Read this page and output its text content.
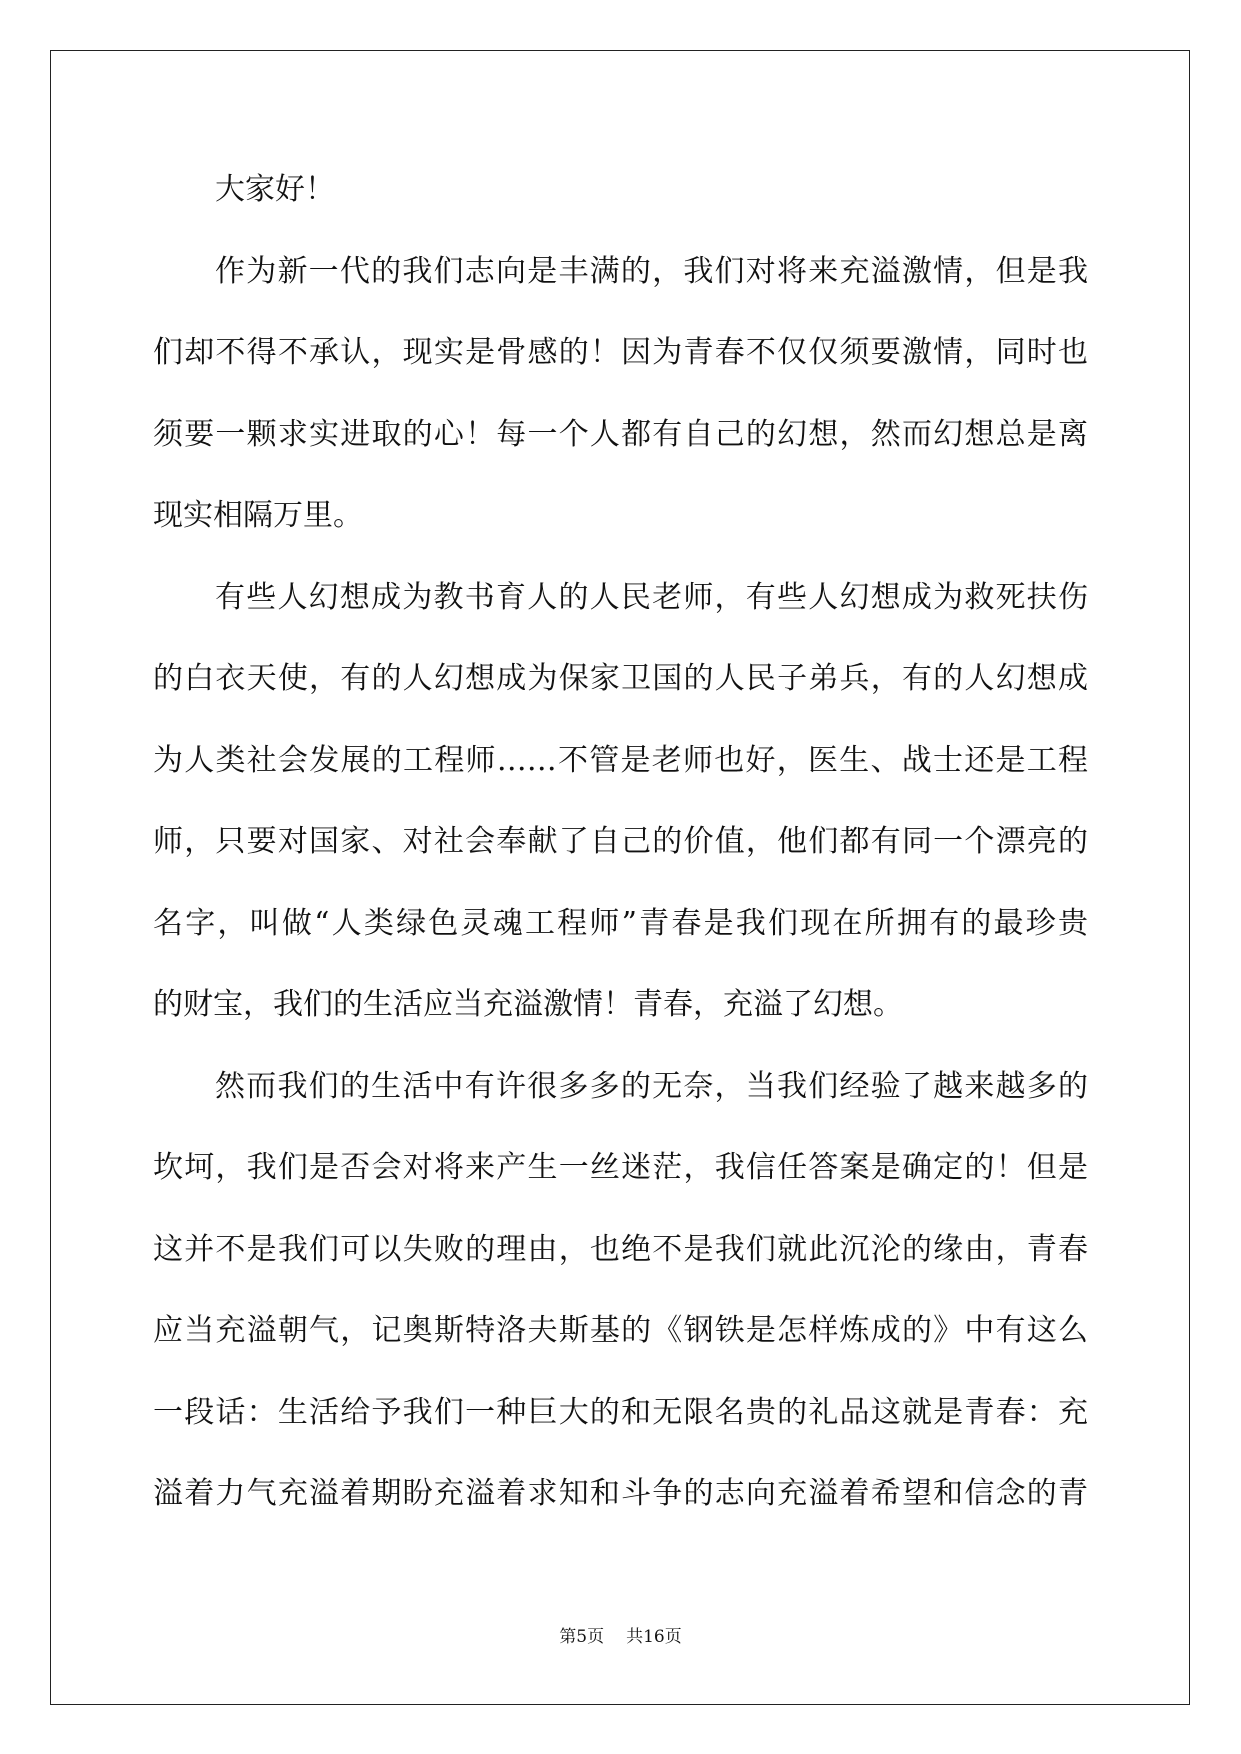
大家好！
作为新一代的我们志向是丰满的，我们对将来充溢激情，但是我
们却不得不承认，现实是骨感的！因为青春不仅仅须要激情，同时也
须要一颗求实进取的心！每一个人都有自己的幻想，然而幻想总是离
现实相隔万里。
有些人幻想成为教书育人的人民老师，有些人幻想成为救死扶伤
的白衣天使，有的人幻想成为保家卫国的人民子弟兵，有的人幻想成
为人类社会发展的工程师……不管是老师也好，医生、战士还是工程
师，只要对国家、对社会奉献了自己的价值，他们都有同一个漂亮的
名字，叫做“人类绿色灵魂工程师”青春是我们现在所拥有的最珍贵
的财宝，我们的生活应当充溢激情！青春，充溢了幻想。
然而我们的生活中有许很多多的无奈，当我们经验了越来越多的
坎坷，我们是否会对将来产生一丝迷茫，我信任答案是确定的！但是
这并不是我们可以失败的理由，也绝不是我们就此沉沦的缘由，青春
应当充溢朝气，记奥斯特洛夫斯基的《钢铁是怎样炼成的》中有这么
一段话：生活给予我们一种巨大的和无限名贵的礼品这就是青春：充
溢着力气充溢着期盼充溢着求知和斗争的志向充溢着希望和信念的青
第5页 共16页
